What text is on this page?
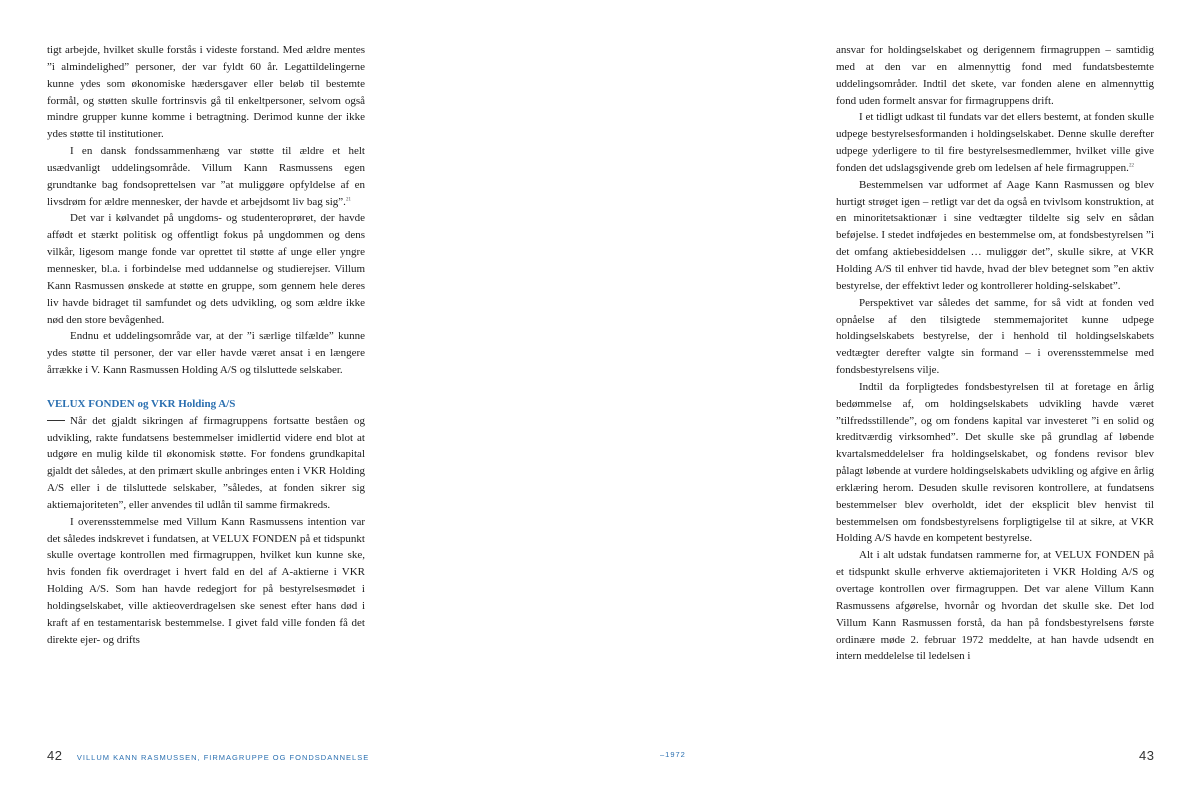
tigt arbejde, hvilket skulle forstås i videste forstand. Med ældre mentes ”i almindelighed” personer, der var fyldt 60 år. Legattildelingerne kunne ydes som økonomiske hædersgaver eller beløb til bestemte formål, og støtten skulle fortrinsvis gå til enkeltpersoner, selvom også mindre grupper kunne komme i betragtning. Derimod kunne der ikke ydes støtte til institutioner.

I en dansk fondssammenhæng var støtte til ældre et helt usædvanligt uddelingsområde. Villum Kann Rasmussens egen grundtanke bag fondsoprettelsen var ”at muliggøre opfyldelse af en livsdrøm for ældre mennesker, der havde et arbejdsomt liv bag sig”.$^{21}$

Det var i kølvandet på ungdoms- og studenteroprøret, der havde affødt et stærkt politisk og offentligt fokus på ungdommen og dens vilkår, ligesom mange fonde var oprettet til støtte af unge eller yngre mennesker, bl.a. i forbindelse med uddannelse og studierejser. Villum Kann Rasmussen ønskede at støtte en gruppe, som gennem hele deres liv havde bidraget til samfundet og dets udvikling, og som ældre ikke nød den store bevågenhed.

Endnu et uddelingsområde var, at der ”i særlige tilfælde” kunne ydes støtte til personer, der var eller havde været ansat i en længere årrække i V. Kann Rasmussen Holding A/S og tilsluttede selskaber.

VELUX FONDEN og VKR Holding A/S

Når det gjaldt sikringen af firmagruppens fortsatte beståen og udvikling, rakte fundatsens bestemmelser imidlertid videre end blot at udgøre en mulig kilde til økonomisk støtte. For fondens grundkapital gjaldt det således, at den primært skulle anbringes enten i VKR Holding A/S eller i de tilsluttede selskaber, ”således, at fonden sikrer sig aktiemajoriteten”, eller anvendes til udlån til samme firmakreds.

I overensstemmelse med Villum Kann Rasmussens intention var det således indskrevet i fundatsen, at VELUX FONDEN på et tidspunkt skulle overtage kontrollen med firmagruppen, hvilket kun kunne ske, hvis fonden fik overdraget i hvert fald en del af A-aktierne i VKR Holding A/S. Som han havde redegjort for på bestyrelsesmødet i holdingselskabet, ville aktieoverdragelsen ske senest efter hans død i kraft af en testamentarisk bestemmelse. I givet fald ville fonden få det direkte ejer- og drifts

42 VILLUM KANN RASMUSSEN, FIRMAGRUPPE OG FONDSDANNELSE	–1972

ansvar for holdingselskabet og derigennem firmagruppen – samtidig med at den var en almennyttig fond med fundatsbestemte uddelingsområder. Indtil det skete, var fonden alene en almennyttig fond uden formelt ansvar for firmagruppens drift.

I et tidligt udkast til fundats var det ellers bestemt, at fonden skulle udpege bestyrelsesformanden i holdingselskabet. Denne skulle derefter udpege yderligere to til fire bestyrelsesmedlemmer, hvilket ville give fonden det udslagsgivende greb om ledelsen af hele firmagruppen.$^{22}$

Bestemmelsen var udformet af Aage Kann Rasmussen og blev hurtigt strøget igen – retligt var det da også en tvivlsom konstruktion, at en minoritetsaktionær i sine vedtægter tildelte sig selv en sådan beføjelse. I stedet indføjedes en bestemmelse om, at fondsbestyrelsen ”i det omfang aktiebesiddelsen … muliggør det”, skulle sikre, at VKR Holding A/S til enhver tid havde, hvad der blev betegnet som ”en aktiv bestyrelse, der effektivt leder og kontrollerer holding-selskabet”.

Perspektivet var således det samme, for så vidt at fonden ved opnåelse af den tilsigtede stemmemajoritet kunne udpege holdingselskabets bestyrelse, der i henhold til holdingselskabets vedtægter derefter valgte sin formand – i overensstemmelse med fondsbestyrelsens vilje.

Indtil da forpligtedes fondsbestyrelsen til at foretage en årlig bedømmelse af, om holdingselskabets udvikling havde været ”tilfredsstillende”, og om fondens kapital var investeret ”i en solid og kreditværdig virksomhed”. Det skulle ske på grundlag af løbende kvartalsmeddelelser fra holdingselskabet, og fondens revisor blev pålagt løbende at vurdere holdingselskabets udvikling og afgive en årlig erklæring herom. Desuden skulle revisoren kontrollere, at fundatsens bestemmelser blev overholdt, idet der eksplicit blev henvist til bestemmelsen om fondsbestyrelsens forpligtigelse til at sikre, at VKR Holding A/S havde en kompetent bestyrelse.

Alt i alt udstak fundatsen rammerne for, at VELUX FONDEN på et tidspunkt skulle erhverve aktiemajoriteten i VKR Holding A/S og overtage kontrollen over firmagruppen. Det var alene Villum Kann Rasmussens afgørelse, hvornår og hvordan det skulle ske. Det lod Villum Kann Rasmussen forstå, da han på fondsbestyrelsens første ordinære møde 2. februar 1972 meddelte, at han havde udsendt en intern meddelelse til ledelsen i

43
